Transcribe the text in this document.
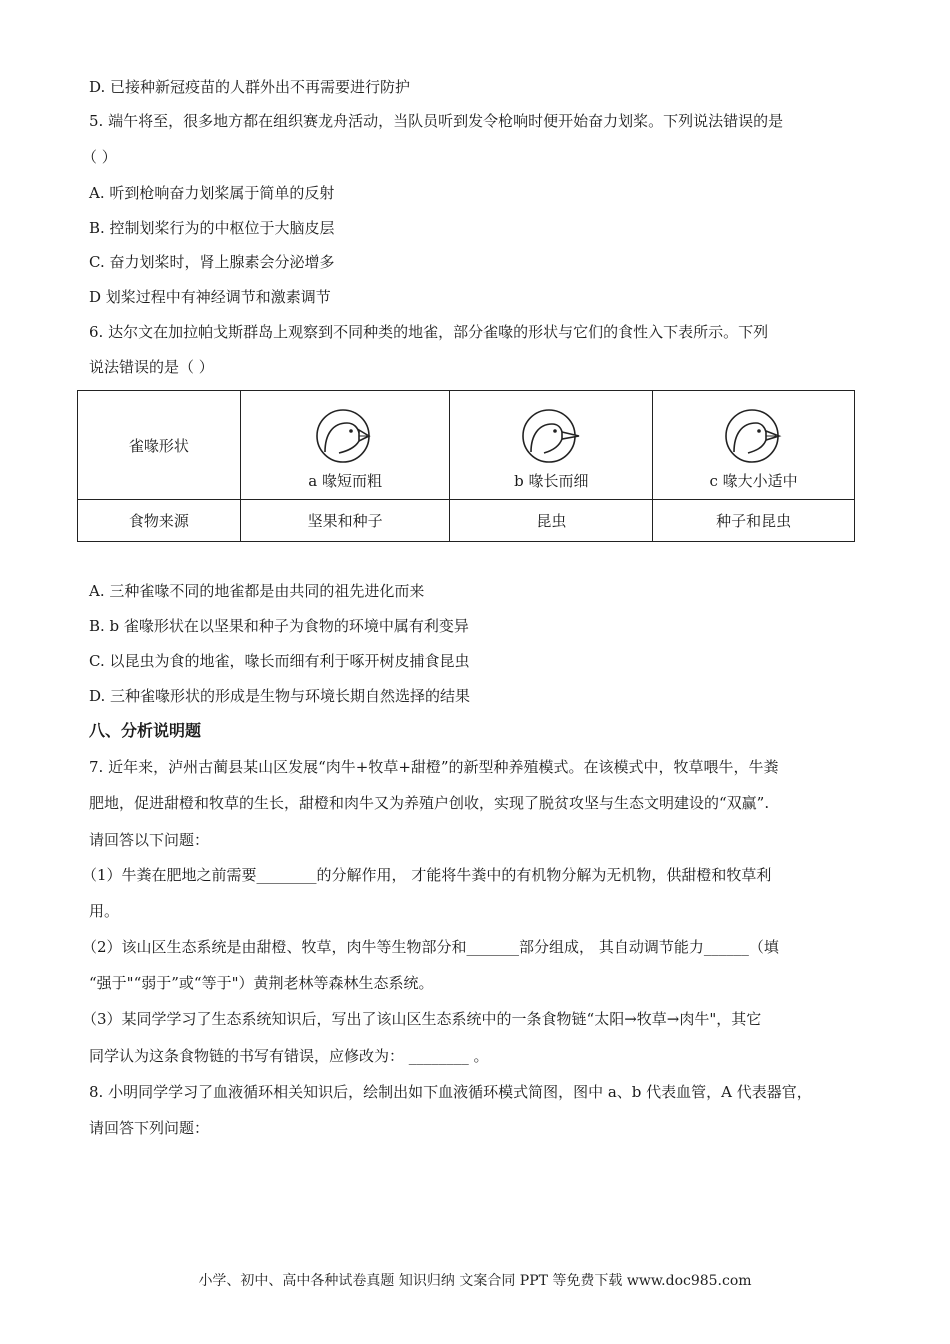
D. 已接种新冠疫苗的人群外出不再需要进行防护
5. 端午将至，很多地方都在组织赛龙舟活动，当队员听到发令枪响时便开始奋力划桨。下列说法错误的是
（ ）
A. 听到枪响奋力划桨属于简单的反射
B. 控制划桨行为的中枢位于大脑皮层
C. 奋力划桨时，肾上腺素会分泌增多
D 划桨过程中有神经调节和激素调节
6. 达尔文在加拉帕戈斯群岛上观察到不同种类的地雀，部分雀喙的形状与它们的食性入下表所示。下列
说法错误的是（ ）
雀喙形状	a 喙短而粗	b 喙长而细	c 喙大小适中

食物来源	坚果和种子	昆虫	种子和昆虫
A. 三种雀喙不同的地雀都是由共同的祖先进化而来
B. b 雀喙形状在以坚果和种子为食物的环境中属有利变异
C. 以昆虫为食的地雀，喙长而细有利于啄开树皮捕食昆虫
D. 三种雀喙形状的形成是生物与环境长期自然选择的结果
八、分析说明题
7. 近年来，泸州古蔺县某山区发展“肉牛+牧草+甜橙”的新型种养殖模式。在该模式中，牧草喂牛，牛粪
肥地，促进甜橙和牧草的生长，甜橙和肉牛又为养殖户创收，实现了脱贫攻坚与生态文明建设的“双赢”.
请回答以下问题：
（1）牛粪在肥地之前需要________的分解作用， 才能将牛粪中的有机物分解为无机物，供甜橙和牧草利
用。
（2）该山区生态系统是由甜橙、牧草，肉牛等生物部分和_______部分组成， 其自动调节能力______（填
“强于"“弱于”或“等于"）黄荆老林等森林生态系统。
（3）某同学学习了生态系统知识后，写出了该山区生态系统中的一条食物链“太阳→牧草→肉牛"，其它
同学认为这条食物链的书写有错误，应修改为： ________ 。
8. 小明同学学习了血液循环相关知识后，绘制出如下血液循环模式简图，图中 a、b 代表血管，A 代表器官，
请回答下列问题：
小学、初中、高中各种试卷真题 知识归纳 文案合同 PPT 等免费下载 www.doc985.com
